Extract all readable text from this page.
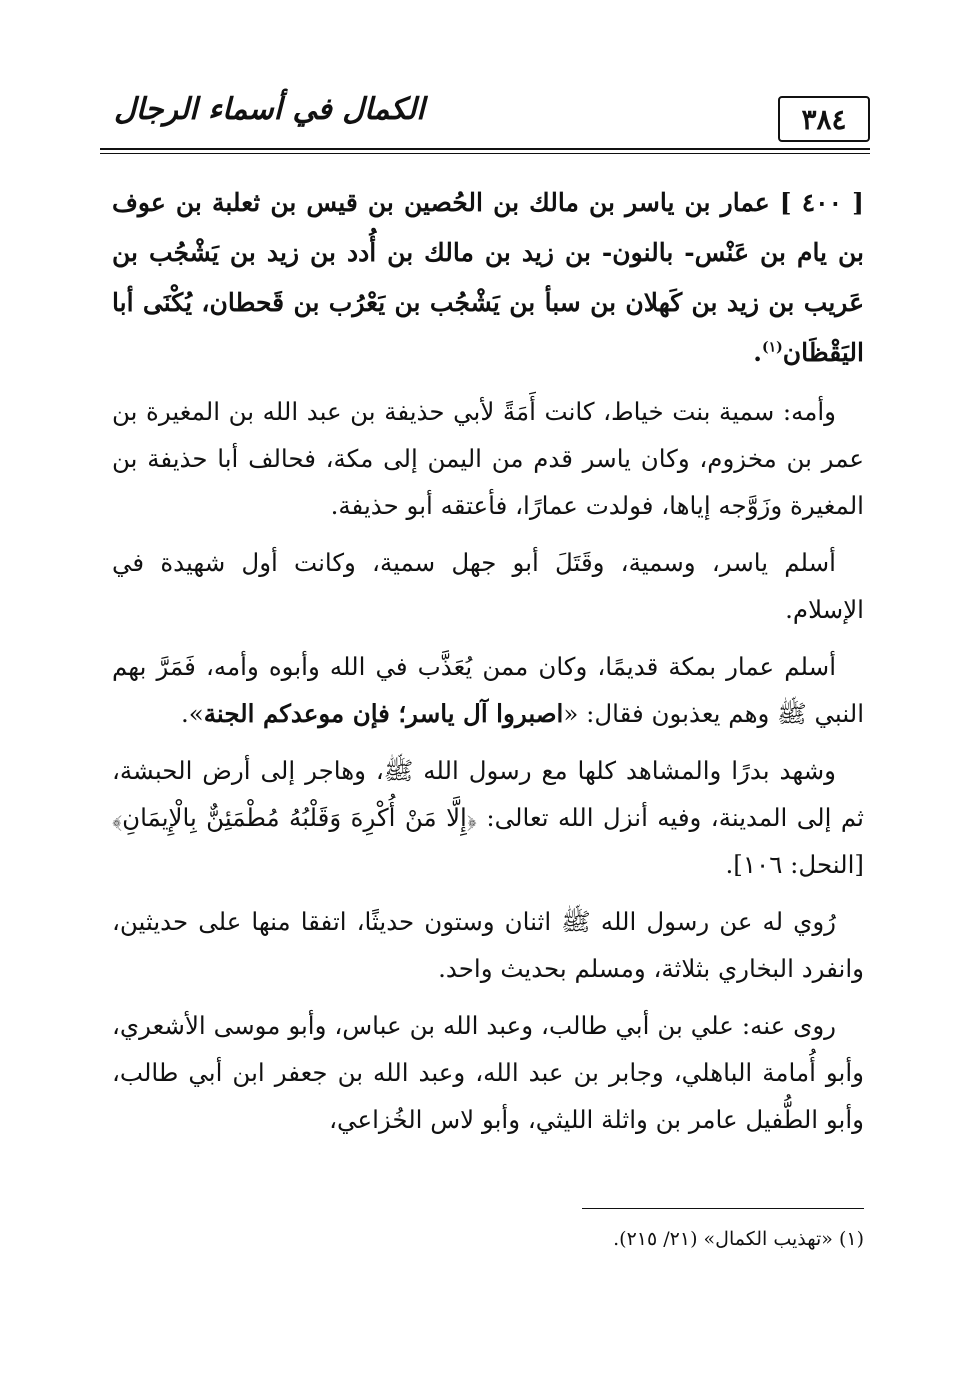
٣٨٤
الكمال في أسماء الرجال

[ ٤٠٠ ] عمار بن ياسر بن مالك بن الحُصين بن قيس بن ثعلبة بن عوف بن يام بن عَنْس- بالنون- بن زيد بن مالك بن أُدد بن زيد بن يَشْجُب بن عَريب بن زيد بن كَهلان بن سبأ بن يَشْجُب بن يَعْرُب بن قَحطان، يُكْنَى أبا اليَقْظَان$^{(١)}$.

وأمه: سمية بنت خياط، كانت أَمَةً لأبي حذيفة بن عبد الله بن المغيرة بن عمر بن مخزوم، وكان ياسر قدم من اليمن إلى مكة، فحالف أبا حذيفة بن المغيرة وزَوَّجه إياها، فولدت عمارًا، فأعتقه أبو حذيفة.

أسلم ياسر، وسمية، وقَتَلَ أبو جهل سمية، وكانت أول شهيدة في الإسلام.

أسلم عمار بمكة قديمًا، وكان ممن يُعَذَّب في الله وأبوه وأمه، فَمَرَّ بهم النبي ﷺ وهم يعذبون فقال: «اصبروا آل ياسر؛ فإن موعدكم الجنة».

وشهد بدرًا والمشاهد كلها مع رسول الله ﷺ، وهاجر إلى أرض الحبشة، ثم إلى المدينة، وفيه أنزل الله تعالى: ﴿إِلَّا مَنْ أُكْرِهَ وَقَلْبُهُ مُطْمَئِنٌّ بِالْإِيمَانِ﴾ [النحل: ١٠٦].

رُوي له عن رسول الله ﷺ اثنان وستون حديثًا، اتفقا منها على حديثين، وانفرد البخاري بثلاثة، ومسلم بحديث واحد.

روى عنه: علي بن أبي طالب، وعبد الله بن عباس، وأبو موسى الأشعري، وأبو أُمامة الباهلي، وجابر بن عبد الله، وعبد الله بن جعفر ابن أبي طالب، وأبو الطُّفيل عامر بن واثلة الليثي، وأبو لاس الخُزاعي،

(١) «تهذيب الكمال» (٢١/ ٢١٥).
